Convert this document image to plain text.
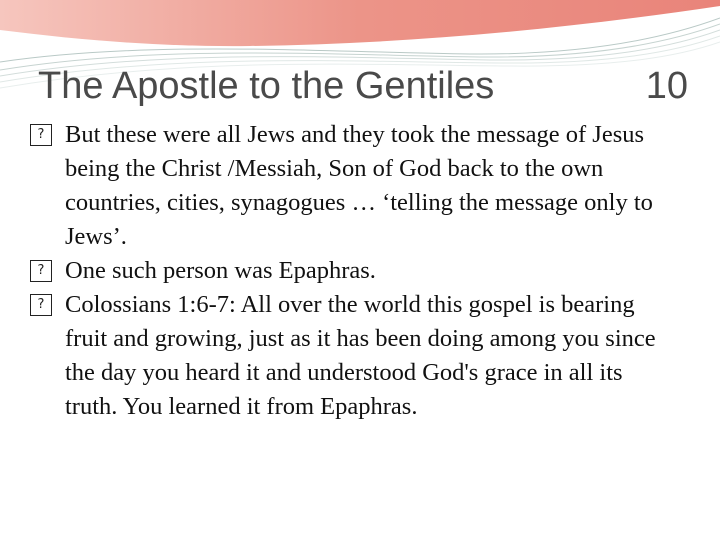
The Apostle to the Gentiles	10

? But these were all Jews and they took the message of Jesus being the Christ /Messiah, Son of God back to the own countries, cities, synagogues … ‘telling the message only to Jews’.

? One such person was Epaphras.

? Colossians 1:6-7: All over the world this gospel is bearing fruit and growing, just as it has been doing among you since the day you heard it and understood God's grace in all its truth. You learned it from Epaphras.
